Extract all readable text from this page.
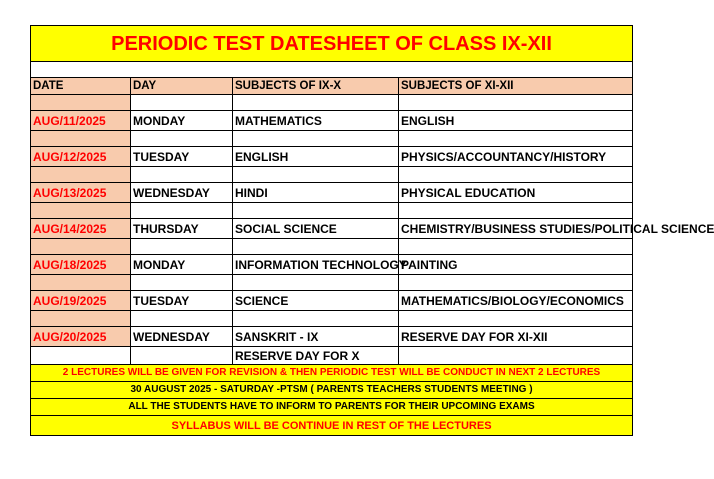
PERIODIC TEST DATESHEET OF CLASS IX-XII			

DATE	DAY	SUBJECTS OF IX-X	SUBJECTS OF XI-XII

AUG/11/2025	MONDAY	MATHEMATICS	ENGLISH

AUG/12/2025	TUESDAY	ENGLISH	PHYSICS/ACCOUNTANCY/HISTORY

AUG/13/2025	WEDNESDAY	HINDI	PHYSICAL EDUCATION

AUG/14/2025	THURSDAY	SOCIAL SCIENCE	CHEMISTRY/BUSINESS STUDIES/POLITICAL SCIENCE

AUG/18/2025	MONDAY	INFORMATION TECHNOLOGY	PAINTING

AUG/19/2025	TUESDAY	SCIENCE	MATHEMATICS/BIOLOGY/ECONOMICS

AUG/20/2025	WEDNESDAY	SANSKRIT - IX	RESERVE DAY FOR XI-XII
		RESERVE DAY FOR X	
2 LECTURES WILL BE GIVEN FOR REVISION & THEN PERIODIC TEST WILL BE CONDUCT IN NEXT 2 LECTURES			
30 AUGUST 2025 - SATURDAY -PTSM ( PARENTS TEACHERS STUDENTS MEETING )			
ALL THE STUDENTS HAVE TO INFORM TO PARENTS FOR THEIR UPCOMING EXAMS			
SYLLABUS WILL BE CONTINUE IN REST OF THE LECTURES			
